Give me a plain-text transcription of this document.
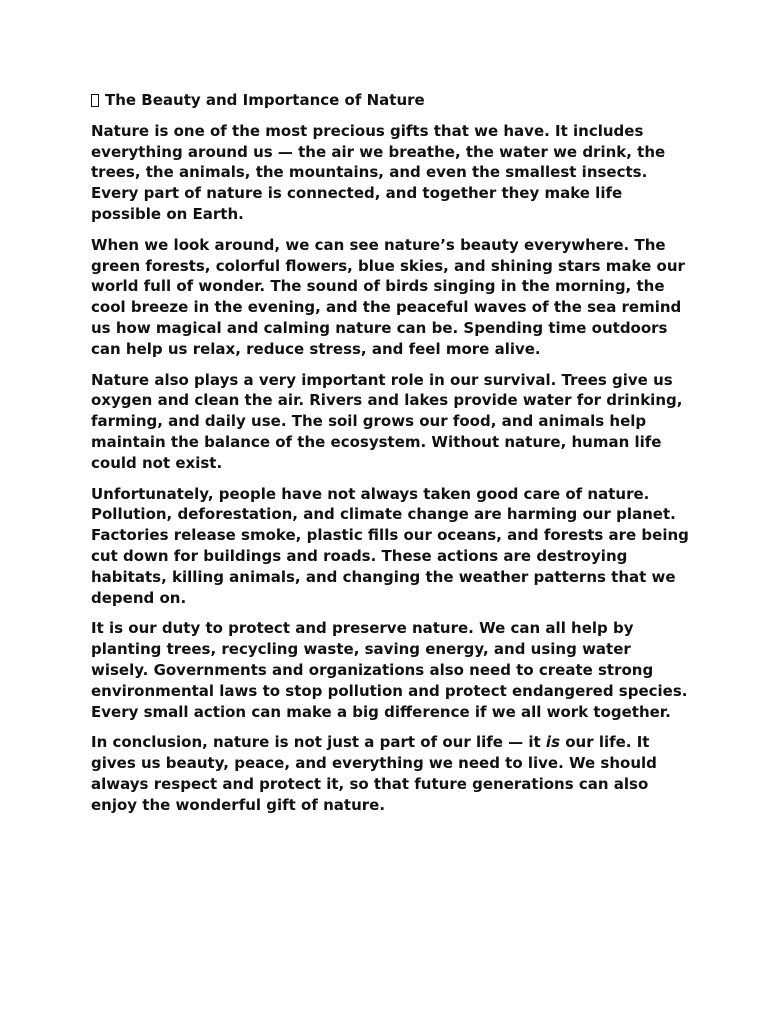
The Beauty and Importance of Nature

Nature is one of the most precious gifts that we have. It includes everything around us — the air we breathe, the water we drink, the trees, the animals, the mountains, and even the smallest insects. Every part of nature is connected, and together they make life possible on Earth.

When we look around, we can see nature’s beauty everywhere. The green forests, colorful flowers, blue skies, and shining stars make our world full of wonder. The sound of birds singing in the morning, the cool breeze in the evening, and the peaceful waves of the sea remind us how magical and calming nature can be. Spending time outdoors can help us relax, reduce stress, and feel more alive.

Nature also plays a very important role in our survival. Trees give us oxygen and clean the air. Rivers and lakes provide water for drinking, farming, and daily use. The soil grows our food, and animals help maintain the balance of the ecosystem. Without nature, human life could not exist.

Unfortunately, people have not always taken good care of nature. Pollution, deforestation, and climate change are harming our planet. Factories release smoke, plastic fills our oceans, and forests are being cut down for buildings and roads. These actions are destroying habitats, killing animals, and changing the weather patterns that we depend on.

It is our duty to protect and preserve nature. We can all help by planting trees, recycling waste, saving energy, and using water wisely. Governments and organizations also need to create strong environmental laws to stop pollution and protect endangered species. Every small action can make a big difference if we all work together.

In conclusion, nature is not just a part of our life — it is our life. It gives us beauty, peace, and everything we need to live. We should always respect and protect it, so that future generations can also enjoy the wonderful gift of nature.
